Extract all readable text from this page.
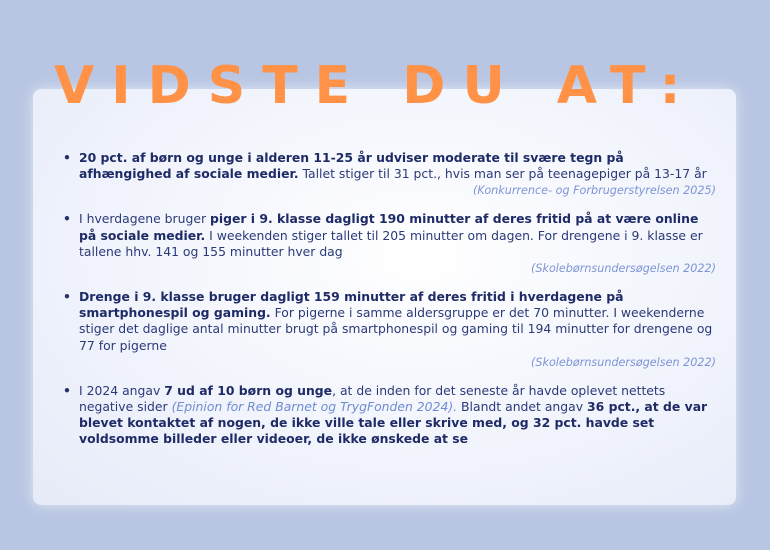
VIDSTE DU AT:
• 20 pct. af børn og unge i alderen 11-25 år udviser moderate til svære tegn på afhængighed af sociale medier. Tallet stiger til 31 pct., hvis man ser på teenagepiger på 13-17 år
(Konkurrence- og Forbrugerstyrelsen 2025)
• I hverdagene bruger piger i 9. klasse dagligt 190 minutter af deres fritid på at være online på sociale medier. I weekenden stiger tallet til 205 minutter om dagen. For drengene i 9. klasse er tallene hhv. 141 og 155 minutter hver dag
(Skolebørnsundersøgelsen 2022)
• Drenge i 9. klasse bruger dagligt 159 minutter af deres fritid i hverdagene på smartphonespil og gaming. For pigerne i samme aldersgruppe er det 70 minutter. I weekenderne stiger det daglige antal minutter brugt på smartphonespil og gaming til 194 minutter for drengene og 77 for pigerne
(Skolebørnsundersøgelsen 2022)
• I 2024 angav 7 ud af 10 børn og unge, at de inden for det seneste år havde oplevet nettets negative sider (Epinion for Red Barnet og TrygFonden 2024). Blandt andet angav 36 pct., at de var blevet kontaktet af nogen, de ikke ville tale eller skrive med, og 32 pct. havde set voldsomme billeder eller videoer, de ikke ønskede at se
